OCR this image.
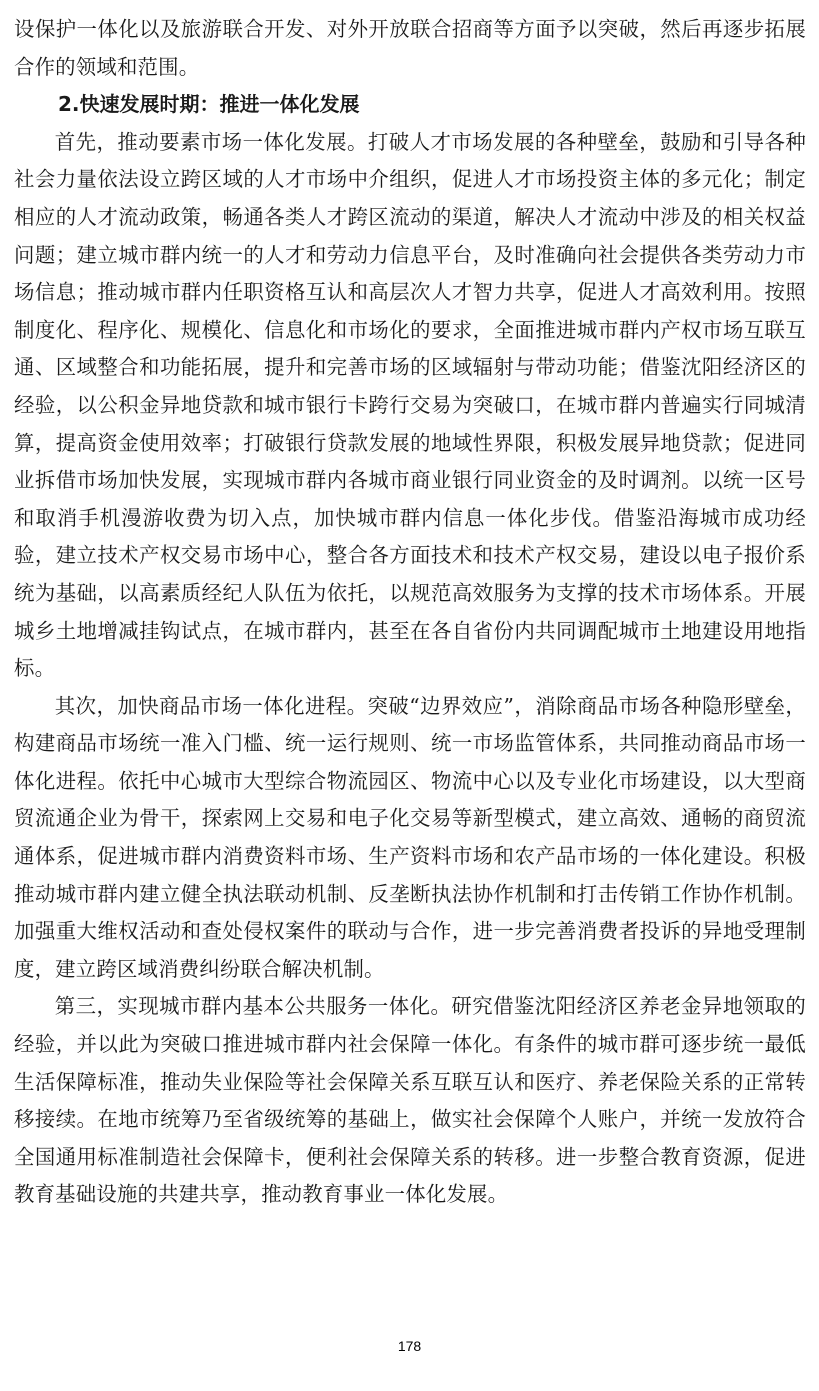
设保护一体化以及旅游联合开发、对外开放联合招商等方面予以突破，然后再逐步拓展合作的领域和范围。

2.快速发展时期：推进一体化发展

首先，推动要素市场一体化发展。打破人才市场发展的各种壁垒，鼓励和引导各种社会力量依法设立跨区域的人才市场中介组织，促进人才市场投资主体的多元化；制定相应的人才流动政策，畅通各类人才跨区流动的渠道，解决人才流动中涉及的相关权益问题；建立城市群内统一的人才和劳动力信息平台，及时准确向社会提供各类劳动力市场信息；推动城市群内任职资格互认和高层次人才智力共享，促进人才高效利用。按照制度化、程序化、规模化、信息化和市场化的要求，全面推进城市群内产权市场互联互通、区域整合和功能拓展，提升和完善市场的区域辐射与带动功能；借鉴沈阳经济区的经验，以公积金异地贷款和城市银行卡跨行交易为突破口，在城市群内普遍实行同城清算，提高资金使用效率；打破银行贷款发展的地域性界限，积极发展异地贷款；促进同业拆借市场加快发展，实现城市群内各城市商业银行同业资金的及时调剂。以统一区号和取消手机漫游收费为切入点，加快城市群内信息一体化步伐。借鉴沿海城市成功经验，建立技术产权交易市场中心，整合各方面技术和技术产权交易，建设以电子报价系统为基础，以高素质经纪人队伍为依托，以规范高效服务为支撑的技术市场体系。开展城乡土地增减挂钩试点，在城市群内，甚至在各自省份内共同调配城市土地建设用地指标。

其次，加快商品市场一体化进程。突破“边界效应”，消除商品市场各种隐形壁垒，构建商品市场统一准入门槛、统一运行规则、统一市场监管体系，共同推动商品市场一体化进程。依托中心城市大型综合物流园区、物流中心以及专业化市场建设，以大型商贸流通企业为骨干，探索网上交易和电子化交易等新型模式，建立高效、通畅的商贸流通体系，促进城市群内消费资料市场、生产资料市场和农产品市场的一体化建设。积极推动城市群内建立健全执法联动机制、反垄断执法协作机制和打击传销工作协作机制。加强重大维权活动和查处侵权案件的联动与合作，进一步完善消费者投诉的异地受理制度，建立跨区域消费纠纷联合解决机制。

第三，实现城市群内基本公共服务一体化。研究借鉴沈阳经济区养老金异地领取的经验，并以此为突破口推进城市群内社会保障一体化。有条件的城市群可逐步统一最低生活保障标准，推动失业保险等社会保障关系互联互认和医疗、养老保险关系的正常转移接续。在地市统筹乃至省级统筹的基础上，做实社会保障个人账户，并统一发放符合全国通用标准制造社会保障卡，便利社会保障关系的转移。进一步整合教育资源，促进教育基础设施的共建共享，推动教育事业一体化发展。

178
